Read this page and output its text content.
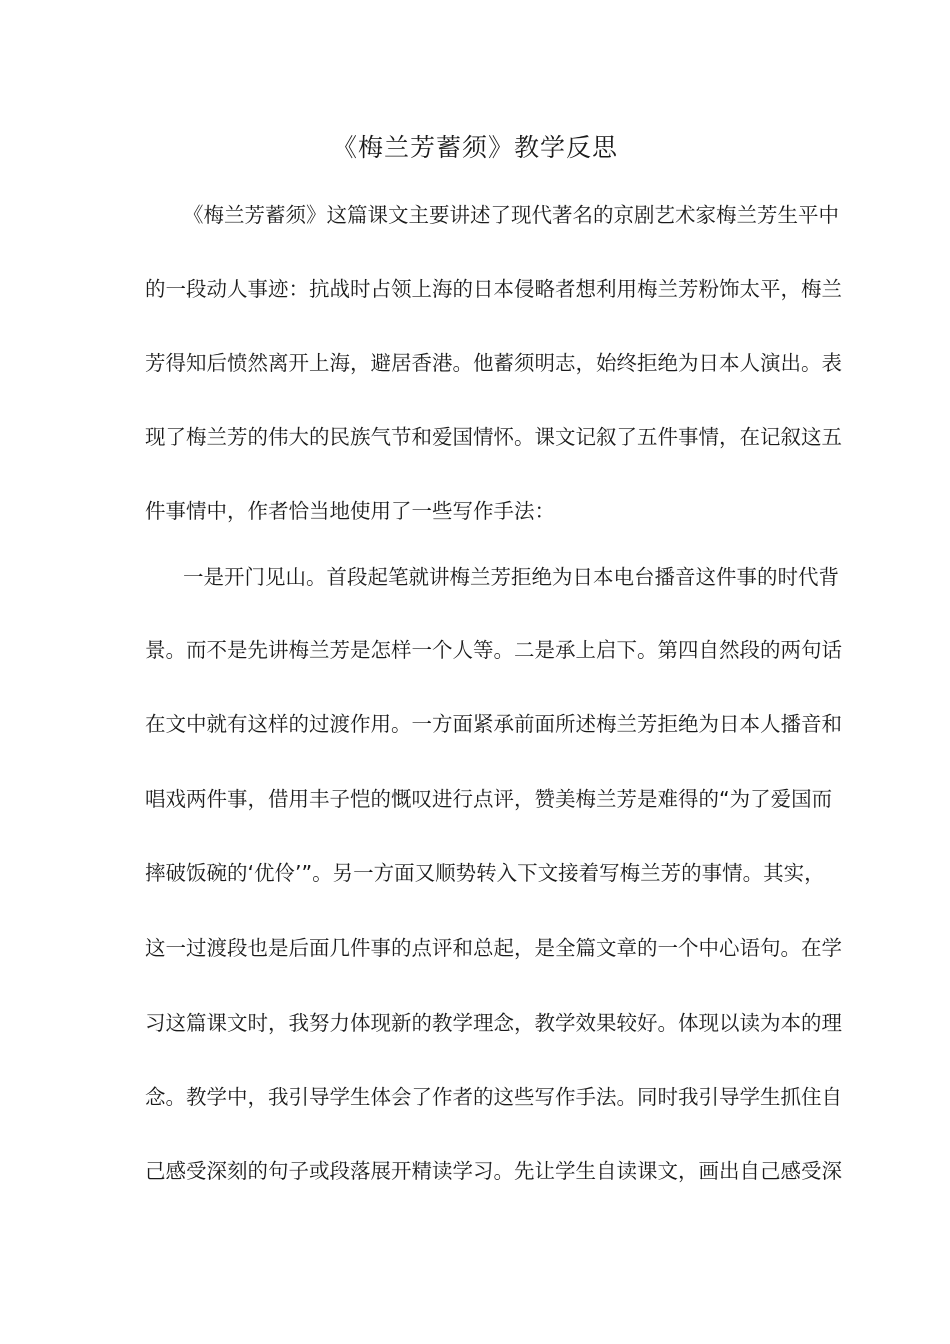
《梅兰芳蓄须》教学反思
《梅兰芳蓄须》这篇课文主要讲述了现代著名的京剧艺术家梅兰芳生平中
的一段动人事迹：抗战时占领上海的日本侵略者想利用梅兰芳粉饰太平，梅兰
芳得知后愤然离开上海，避居香港。他蓄须明志，始终拒绝为日本人演出。表
现了梅兰芳的伟大的民族气节和爱国情怀。课文记叙了五件事情，在记叙这五
件事情中，作者恰当地使用了一些写作手法：
一是开门见山。首段起笔就讲梅兰芳拒绝为日本电台播音这件事的时代背
景。而不是先讲梅兰芳是怎样一个人等。二是承上启下。第四自然段的两句话
在文中就有这样的过渡作用。一方面紧承前面所述梅兰芳拒绝为日本人播音和
唱戏两件事，借用丰子恺的慨叹进行点评，赞美梅兰芳是难得的“为了爱国而
摔破饭碗的‘优伶’”。另一方面又顺势转入下文接着写梅兰芳的事情。其实，
这一过渡段也是后面几件事的点评和总起，是全篇文章的一个中心语句。在学
习这篇课文时，我努力体现新的教学理念，教学效果较好。体现以读为本的理
念。教学中，我引导学生体会了作者的这些写作手法。同时我引导学生抓住自
己感受深刻的句子或段落展开精读学习。先让学生自读课文，画出自己感受深
